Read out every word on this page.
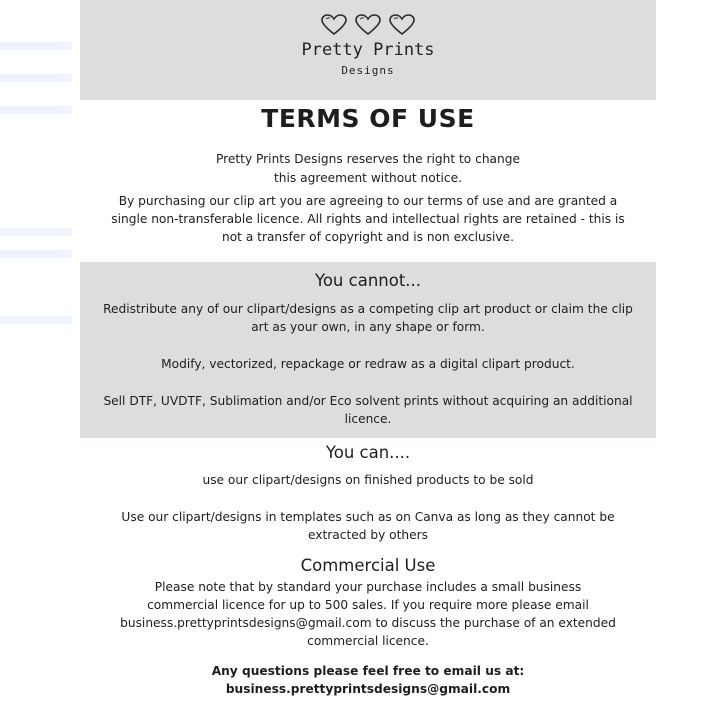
Pretty Prints
Designs
TERMS OF USE
Pretty Prints Designs reserves the right to change
this agreement without notice.
By purchasing our clip art you are agreeing to our terms of use and are granted a single non-transferable licence. All rights and intellectual rights are retained - this is not a transfer of copyright and is non exclusive.
You cannot...
Redistribute any of our clipart/designs as a competing clip art product or claim the clip art as your own, in any shape or form.
Modify, vectorized, repackage or redraw as a digital clipart product.
Sell DTF, UVDTF, Sublimation and/or Eco solvent prints without acquiring an additional licence.
You can....
use our clipart/designs on finished products to be sold
Use our clipart/designs in templates such as on Canva as long as they cannot be extracted by others
Commercial Use
Please note that by standard your purchase includes a small business commercial licence for up to 500 sales. If you require more please email business.prettyprintsdesigns@gmail.com to discuss the purchase of an extended commercial licence.
Any questions please feel free to email us at:
business.prettyprintsdesigns@gmail.com
